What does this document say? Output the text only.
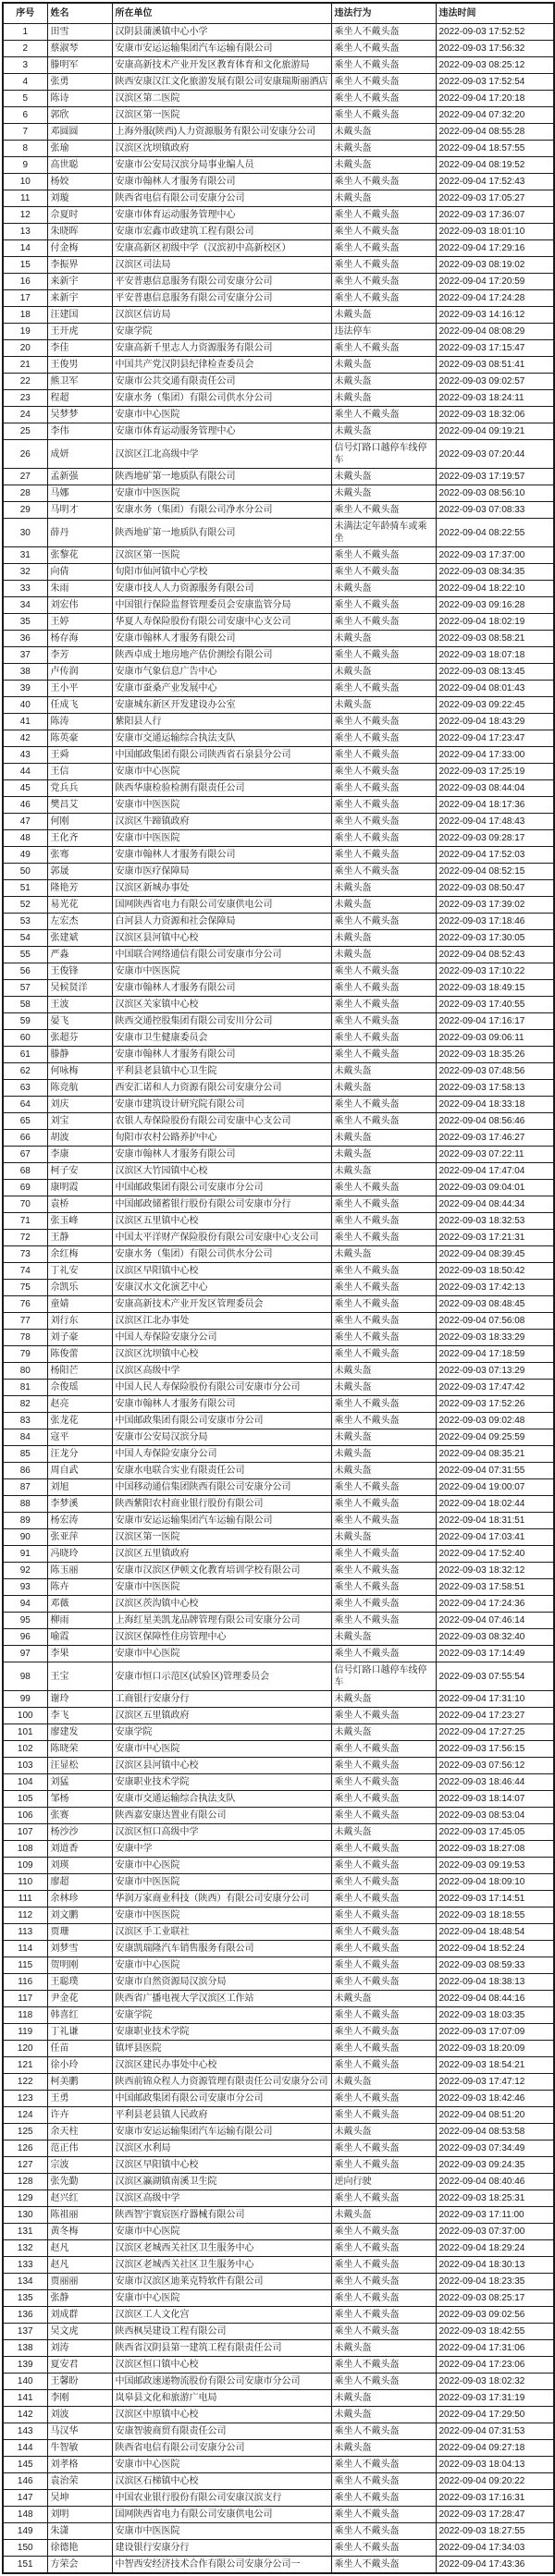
序号	姓名	所在单位	违法行为	违法时间
1	田雪	汉阴县蒲溪镇中心小学	乘坐人不戴头盔	2022-09-03 17:52:52
2	蔡淑琴	安康市安运运输集团汽车运输有限公司	乘坐人不戴头盔	2022-09-03 17:56:32
3	滕明军	安康高新技术产业开发区教育体育和文化旅游局	乘坐人不戴头盔	2022-09-03 08:25:12
4	张勇	陕西安康汉江文化旅游发展有限公司安康瑞斯丽酒店	乘坐人不戴头盔	2022-09-03 17:52:54
5	陈诗	汉滨区第二医院	乘坐人不戴头盔	2022-09-04 17:20:18
6	郭欣	汉滨区第一医院	乘坐人不戴头盔	2022-09-04 07:32:20
7	邓圆圆	上海外服(陕西)人力资源服务有限公司安康分公司	未戴头盔	2022-09-04 08:55:28
8	张瑜	汉滨区沈坝镇政府	未戴头盔	2022-09-04 18:57:55
9	高世聪	安康市公安局汉滨分局事业编人员	未戴头盔	2022-09-04 08:19:52
10	杨姣	安康市翰林人才服务有限公司	乘坐人不戴头盔	2022-09-04 17:52:43
11	刘璇	陕西省电信有限公司安康分公司	未戴头盔	2022-09-03 17:05:27
12	佘夏时	安康市体育运动服务管理中心	乘坐人不戴头盔	2022-09-03 17:36:07
13	朱晓晖	安康市宏鑫市政建筑工程有限公司	乘坐人不戴头盔	2022-09-03 18:01:10
14	付金梅	安康高新区初级中学（汉滨初中高新校区）	乘坐人不戴头盔	2022-09-04 17:29:16
15	李振界	汉滨区司法局	乘坐人不戴头盔	2022-09-03 08:19:02
16	来新宇	平安普惠信息服务有限公司安康分公司	乘坐人不戴头盔	2022-09-04 17:20:59
17	来新宇	平安普惠信息服务有限公司安康分公司	乘坐人不戴头盔	2022-09-04 17:24:28
18	汪建国	汉滨区信访局	未戴头盔	2022-09-03 14:16:12
19	王开虎	安康学院	违法停车	2022-09-04 08:08:29
20	李佳	安康高新千里志人力资源服务有限公司	乘坐人不戴头盔	2022-09-03 17:15:47
21	王俊男	中国共产党汉阴县纪律检查委员会	未戴头盔	2022-09-03 08:51:41
22	熊卫军	安康市公共交通有限责任公司	未戴头盔	2022-09-03 09:02:57
23	程超	安康水务（集团）有限公司供水分公司	未戴头盔	2022-09-03 18:24:11
24	吴梦梦	安康市中心医院	乘坐人不戴头盔	2022-09-03 18:32:06
25	李伟	安康市体育运动服务管理中心	未戴头盔	2022-09-04 09:19:21
26	成妍	汉滨区江北高级中学	信号灯路口越停车线停车	2022-09-03 07:20:44
27	孟新强	陕西地矿第一地质队有限公司	未戴头盔	2022-09-03 17:19:57
28	马娜	安康市中医医院	未戴头盔	2022-09-03 08:56:10
29	马明才	安康水务（集团）有限公司净水分公司	乘坐人不戴头盔	2022-09-03 07:08:33
30	薛丹	陕西地矿第一地质队有限公司	未满法定年龄骑车或乘坐	2022-09-04 08:22:55
31	张黎花	汉滨区第一医院	乘坐人不戴头盔	2022-09-03 17:37:00
32	向倩	旬阳市仙河镇中心学校	乘坐人不戴头盔	2022-09-03 08:34:35
33	朱雨	安康市技人人力资源服务有限公司	未戴头盔	2022-09-04 18:22:10
34	刘宏伟	中国银行保险监督管理委员会安康监管分局	乘坐人不戴头盔	2022-09-03 09:16:28
35	王婷	华夏人寿保险股份有限公司安康中心支公司	乘坐人不戴头盔	2022-09-04 18:02:19
36	杨存海	安康市翰林人才服务有限公司	未戴头盔	2022-09-03 08:58:21
37	李芳	陕西卓成土地房地产估价测绘有限公司	乘坐人不戴头盔	2022-09-03 18:07:18
38	卢传润	安康市气象信息广告中心	未戴头盔	2022-09-03 08:13:45
39	王小平	安康市蚕桑产业发展中心	乘坐人不戴头盔	2022-09-04 08:01:43
40	任成飞	安康城东新区开发建设办公室	未戴头盔	2022-09-03 09:22:45
41	陈涛	紫阳县人行	乘坐人不戴头盔	2022-09-04 18:43:29
42	陈英豪	安康市交通运输综合执法支队	乘坐人不戴头盔	2022-09-04 17:23:47
43	王舜	中国邮政集团有限公司陕西省石泉县分公司	乘坐人不戴头盔	2022-09-04 17:33:00
44	王信	安康市中心医院	乘坐人不戴头盔	2022-09-03 17:25:19
45	党兵兵	陕西华康检验检测有限责任公司	乘坐人不戴头盔	2022-09-03 08:44:04
46	樊昌艾	安康市中医医院	乘坐人不戴头盔	2022-09-04 18:17:36
47	何刚	汉滨区牛蹄镇政府	乘坐人不戴头盔	2022-09-04 17:48:43
48	王化齐	安康市中医医院	乘坐人不戴头盔	2022-09-03 09:28:17
49	张骞	安康市翰林人才服务有限公司	乘坐人不戴头盔	2022-09-04 17:52:03
50	郭晟	安康市医疗保障局	乘坐人不戴头盔	2022-09-04 08:52:15
51	隆艳芳	汉滨区新城办事处	未戴头盔	2022-09-03 08:50:47
52	易光花	国网陕西省电力有限公司安康供电公司	未戴头盔	2022-09-03 17:39:02
53	左宏杰	白河县人力资源和社会保障局	乘坐人不戴头盔	2022-09-03 17:18:46
54	张建斌	汉滨区县河镇中心校	未戴头盔	2022-09-03 17:30:05
55	严淼	中国联合网络通信有限公司安康市分公司	未戴头盔	2022-09-04 08:52:43
56	王俊锋	安康市中医医院	乘坐人不戴头盔	2022-09-03 17:10:22
57	吴候贤洋	安康市翰林人才服务有限公司	乘坐人不戴头盔	2022-09-03 18:49:15
58	王波	汉滨区关家镇中心校	乘坐人不戴头盔	2022-09-03 17:40:55
59	晏飞	陕西交通控股集团有限公司安川分公司	乘坐人不戴头盔	2022-09-04 17:16:17
60	张超芬	安康市卫生健康委员会	乘坐人不戴头盔	2022-09-03 09:06:11
61	滕静	安康市翰林人才服务有限公司	乘坐人不戴头盔	2022-09-03 18:35:26
62	何咏梅	平利县老县镇中心卫生院	未戴头盔	2022-09-03 07:48:56
63	陈竞航	西安汇诺和人力资源有限公司安康分公司	未戴头盔	2022-09-03 17:58:13
64	刘庆	安康市建筑设计研究院有限公司	乘坐人不戴头盔	2022-09-04 18:33:18
65	刘宝	农银人寿保险股份有限公司安康中心支公司	乘坐人不戴头盔	2022-09-04 08:56:46
66	胡波	旬阳市农村公路养护中心	未戴头盔	2022-09-03 17:46:27
67	李康	安康市翰林人才服务有限公司	未戴头盔	2022-09-03 07:22:11
68	柯子安	汉滨区大竹园镇中心校	未戴头盔	2022-09-04 17:47:04
69	康明霞	中国邮政集团有限公司安康市分公司	乘坐人不戴头盔	2022-09-03 09:04:01
70	袁桥	中国邮政储蓄银行股份有限公司安康市分行	乘坐人不戴头盔	2022-09-04 08:44:34
71	张玉峰	汉滨区五里镇中心校	乘坐人不戴头盔	2022-09-03 18:32:53
72	王静	中国太平洋财产保险股份有限公司安康中心支公司	乘坐人不戴头盔	2022-09-03 17:21:31
73	余红梅	安康水务（集团）有限公司供水分公司	未戴头盔	2022-09-04 08:39:45
74	丁礼安	汉滨区早阳镇中心校	乘坐人不戴头盔	2022-09-03 18:50:42
75	佘凯乐	安康汉水文化演艺中心	乘坐人不戴头盔	2022-09-03 17:42:13
76	童婧	安康高新技术产业开发区管理委员会	乘坐人不戴头盔	2022-09-03 08:48:45
77	刘行东	汉滨区江北办事处	乘坐人不戴头盔	2022-09-04 07:56:08
78	刘子豪	中国人寿保险安康分公司	乘坐人不戴头盔	2022-09-03 18:33:29
79	陈俊蕾	汉滨区沈坝镇中心校	乘坐人不戴头盔	2022-09-04 17:18:59
80	杨阳芒	汉滨区高级中学	未戴头盔	2022-09-03 07:13:29
81	佘俊瑶	中国人民人寿保险股份有限公司安康市分公司	未戴头盔	2022-09-03 17:47:42
82	赵亮	安康市翰林人才服务有限公司	乘坐人不戴头盔	2022-09-03 17:52:26
83	张龙花	中国邮政集团有限公司安康市分公司	乘坐人不戴头盔	2022-09-03 09:02:48
84	寇平	安康市公安局汉滨分局	未戴头盔	2022-09-04 09:25:59
85	汪龙分	中国人寿保险安康分公司	未戴头盔	2022-09-04 08:35:21
86	周自武	安康水电联合实业有限责任公司	未戴头盔	2022-09-04 07:31:55
87	刘旭	中国移动通信集团陕西有限公司安康分公司	乘坐人不戴头盔	2022-09-04 19:00:07
88	李梦溪	陕西紫阳农村商业银行股份有限公司	乘坐人不戴头盔	2022-09-04 18:02:44
89	杨宏涛	安康市安运运输集团汽车运输有限公司	乘坐人不戴头盔	2022-09-04 18:31:51
90	张亚萍	汉滨区第一医院	未戴头盔	2022-09-04 17:03:41
91	冯晓玲	汉滨区五里镇政府	乘坐人不戴头盔	2022-09-04 17:52:40
92	陈玉丽	安康市汉滨区伊顿文化教育培训学校有限公司	乘坐人不戴头盔	2022-09-03 18:32:12
93	陈卉	安康市中医医院	乘坐人不戴头盔	2022-09-03 17:58:51
94	邓薇	汉滨区茨沟镇中心校	乘坐人不戴头盔	2022-09-04 17:24:36
95	柳雨	上海红星美凯龙品牌管理有限公司安康分公司	乘坐人不戴头盔	2022-09-04 07:46:14
96	喻霞	汉滨区保障性住房管理中心	未戴头盔	2022-09-03 08:32:40
97	李果	安康市中心医院	乘坐人不戴头盔	2022-09-03 17:14:49
98	王宝	安康市恒口示范区(试验区)管理委员会	信号灯路口越停车线停车	2022-09-03 07:55:54
99	谢玲	工商银行安康分行	未戴头盔	2022-09-04 17:31:10
100	李飞	汉滨区五里镇政府	乘坐人不戴头盔	2022-09-04 17:23:27
101	廖建发	安康学院	未戴头盔	2022-09-04 17:27:25
102	陈晓荣	安康市中心医院	乘坐人不戴头盔	2022-09-03 17:56:15
103	汪显松	汉滨区县河镇中心校	乘坐人不戴头盔	2022-09-03 07:56:12
104	刘猛	安康职业技术学院	乘坐人不戴头盔	2022-09-03 18:46:44
105	邹杨	安康市交通运输综合执法支队	乘坐人不戴头盔	2022-09-03 18:14:07
106	张赛	陕西嘉安康达置业有限公司	乘坐人不戴头盔	2022-09-03 08:53:04
107	杨沙沙	汉滨区恒口高级中学	未戴头盔	2022-09-03 17:45:05
108	刘道香	安康中学	乘坐人不戴头盔	2022-09-03 18:27:08
109	刘瑛	安康市中心医院	乘坐人不戴头盔	2022-09-03 09:19:53
110	廖超	安康市中医医院	乘坐人不戴头盔	2022-09-04 18:09:10
111	余林珍	华润万家商业科技（陕西）有限公司安康分公司	乘坐人不戴头盔	2022-09-03 17:14:51
112	刘文鹏	安康市中医医院	乘坐人不戴头盔	2022-09-03 18:18:55
113	贾珊	汉滨区手工业联社	乘坐人不戴头盔	2022-09-04 18:48:54
114	刘梦雪	安康凯瑞隆汽车销售服务有限公司	乘坐人不戴头盔	2022-09-04 18:52:24
115	贺明刚	安康市中心医院	乘坐人不戴头盔	2022-09-03 08:59:33
116	王聪璞	安康市自然资源局汉滨分局	乘坐人不戴头盔	2022-09-04 18:38:13
117	尹金花	陕西省广播电视大学汉滨区工作站	未戴头盔	2022-09-04 08:44:16
118	韩喜红	安康学院	乘坐人不戴头盔	2022-09-03 18:03:35
119	丁礼谦	安康职业技术学院	乘坐人不戴头盔	2022-09-03 17:07:09
120	任苗	镇坪县医院	乘坐人不戴头盔	2022-09-03 18:20:09
121	徐小玲	汉滨区建民办事处中心校	乘坐人不戴头盔	2022-09-03 18:54:21
122	柯美鹏	陕西前锦众程人力资源管理有限责任公司安康分公司	未戴头盔	2022-09-03 17:47:12
123	王勇	中国邮政集团有限公司安康市分公司	乘坐人不戴头盔	2022-09-03 18:42:46
124	许卉	平利县老县镇人民政府	乘坐人不戴头盔	2022-09-04 08:51:20
125	余天柱	安康市安运运输集团汽车运输有限公司	未戴头盔	2022-09-04 08:53:58
126	范正伟	汉滨区水利局	乘坐人不戴头盔	2022-09-03 07:34:49
127	宗波	汉滨区早阳镇中心校	乘坐人不戴头盔	2022-09-03 09:24:35
128	张先勤	汉滨区瀛湖镇南溪卫生院	逆向行驶	2022-09-04 08:40:46
129	赵兴红	汉滨区高级中学	乘坐人不戴头盔	2022-09-03 18:25:31
130	陈祖丽	陕西智宇寰宸医疗器械有限公司	未戴头盔	2022-09-03 17:11:00
131	黄冬梅	安康市中心医院	乘坐人不戴头盔	2022-09-03 07:37:00
132	赵凡	汉滨区老城西关社区卫生服务中心	乘坐人不戴头盔	2022-09-04 18:29:24
133	赵凡	汉滨区老城西关社区卫生服务中心	乘坐人不戴头盔	2022-09-04 18:30:13
134	贾丽丽	安康市汉滨区迪莱克特软件有限公司	乘坐人不戴头盔	2022-09-04 18:23:35
135	张静	安康市中心医院	乘坐人不戴头盔	2022-09-03 08:25:17
136	刘成群	汉滨区工人文化宫	乘坐人不戴头盔	2022-09-03 09:02:56
137	吴文虎	陕西枫昊建设工程有限公司	乘坐人不戴头盔	2022-09-03 18:42:55
138	刘涛	陕西省汉阴县第一建筑工程有限责任公司	未戴头盔	2022-09-04 17:31:06
139	夏安君	汉滨区恒口镇中心校	乘坐人不戴头盔	2022-09-04 17:23:06
140	王馨盼	中国邮政速递物流股份有限公司安康市分公司	乘坐人不戴头盔	2022-09-03 18:02:32
141	李刚	岚皋县文化和旅游广电局	未戴头盔	2022-09-03 17:31:19
142	刘波	汉滨区中原镇中心校	未戴头盔	2022-09-04 17:29:50
143	马汉华	安康智骏商贸有限责任公司	乘坐人不戴头盔	2022-09-04 07:31:53
144	牛智敏	陕西省电信有限公司安康分公司	未戴头盔	2022-09-04 09:27:18
145	刘孝格	安康市中心医院	乘坐人不戴头盔	2022-09-03 18:04:13
146	袁治荣	汉滨区石梯镇中心校	乘坐人不戴头盔	2022-09-04 09:20:22
147	吴坤	中国农业银行股份有限公司安康汉滨支行	乘坐人不戴头盔	2022-09-03 17:16:31
148	刘明	国网陕西省电力有限公司安康供电公司	乘坐人不戴头盔	2022-09-03 17:28:47
149	朱潇	安康市中医医院	乘坐人不戴头盔	2022-09-03 18:27:55
150	徐德艳	建设银行安康分行	乘坐人不戴头盔	2022-09-04 17:34:03
151	方荣会	中智西安经济技术合作有限公司安康分公司一	乘坐人不戴头盔	2022-09-04 17:43:36
